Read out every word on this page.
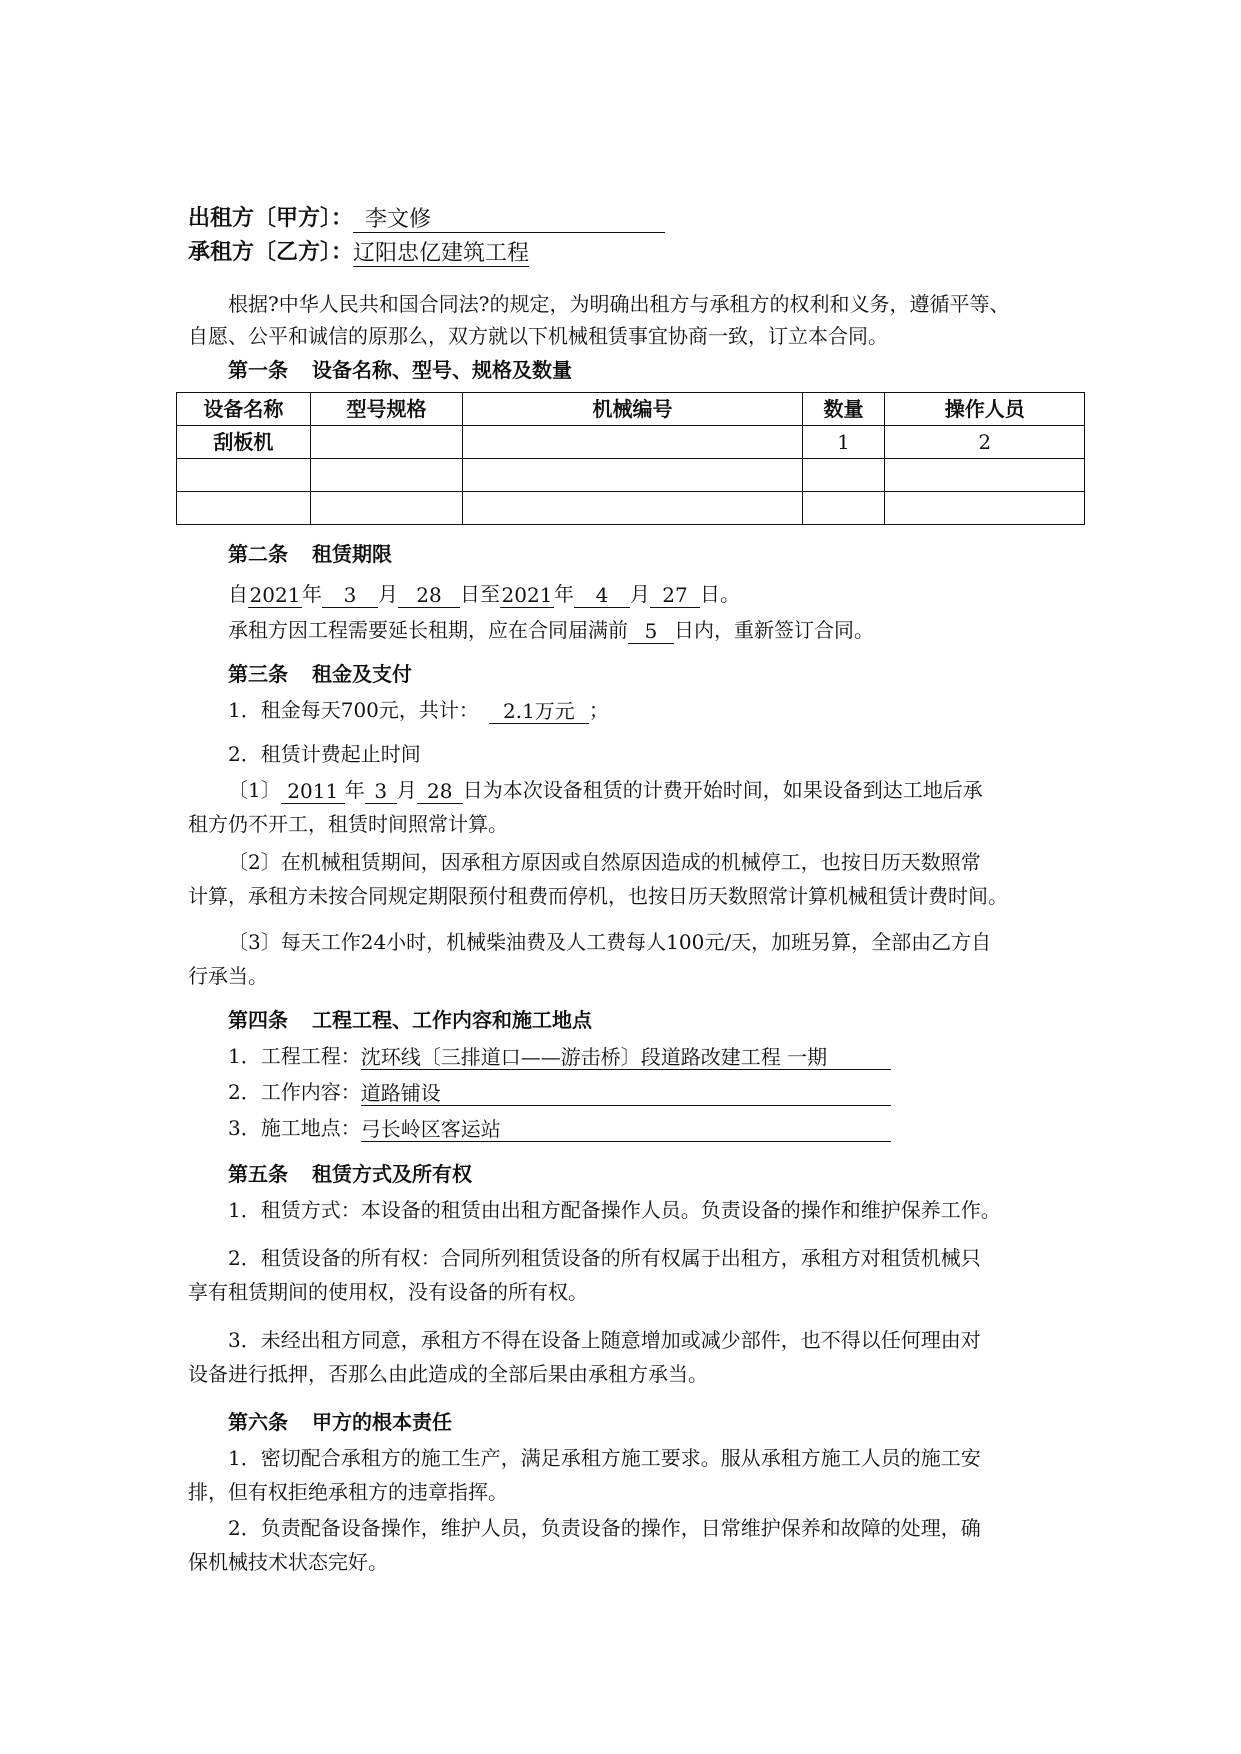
出租方〔甲方〕： 李文修
承租方〔乙方〕：辽阳忠亿建筑工程
根据?中华人民共和国合同法?的规定，为明确出租方与承租方的权利和义务，遵循平等、
自愿、公平和诚信的原那么，双方就以下机械租赁事宜协商一致，订立本合同。
第一条 设备名称、型号、规格及数量
设备名称	型号规格	机械编号	数量	操作人员
刮板机			1	2

第二条 租赁期限
自2021年 3 月 28 日至2021年 4 月 27 日。
承租方因工程需要延长租期，应在合同届满前 5 日内，重新签订合同。
第三条 租金及支付
1．租金每天700元，共计： 2.1万元 ；
2．租赁计费起止时间
〔1〕 2011 年 3 月 28 日为本次设备租赁的计费开始时间，如果设备到达工地后承
租方仍不开工，租赁时间照常计算。
〔2〕在机械租赁期间，因承租方原因或自然原因造成的机械停工，也按日历天数照常
计算，承租方未按合同规定期限预付租费而停机，也按日历天数照常计算机械租赁计费时间。
〔3〕每天工作24小时，机械柴油费及人工费每人100元/天，加班另算，全部由乙方自
行承当。
第四条 工程工程、工作内容和施工地点
1．工程工程：沈环线〔三排道口——游击桥〕段道路改建工程 一期
2．工作内容：道路铺设
3．施工地点：弓长岭区客运站
第五条 租赁方式及所有权
1．租赁方式：本设备的租赁由出租方配备操作人员。负责设备的操作和维护保养工作。
2．租赁设备的所有权：合同所列租赁设备的所有权属于出租方，承租方对租赁机械只
享有租赁期间的使用权，没有设备的所有权。
3．未经出租方同意，承租方不得在设备上随意增加或减少部件，也不得以任何理由对
设备进行抵押，否那么由此造成的全部后果由承租方承当。
第六条 甲方的根本责任
1．密切配合承租方的施工生产，满足承租方施工要求。服从承租方施工人员的施工安
排，但有权拒绝承租方的违章指挥。
2．负责配备设备操作，维护人员，负责设备的操作，日常维护保养和故障的处理，确
保机械技术状态完好。
